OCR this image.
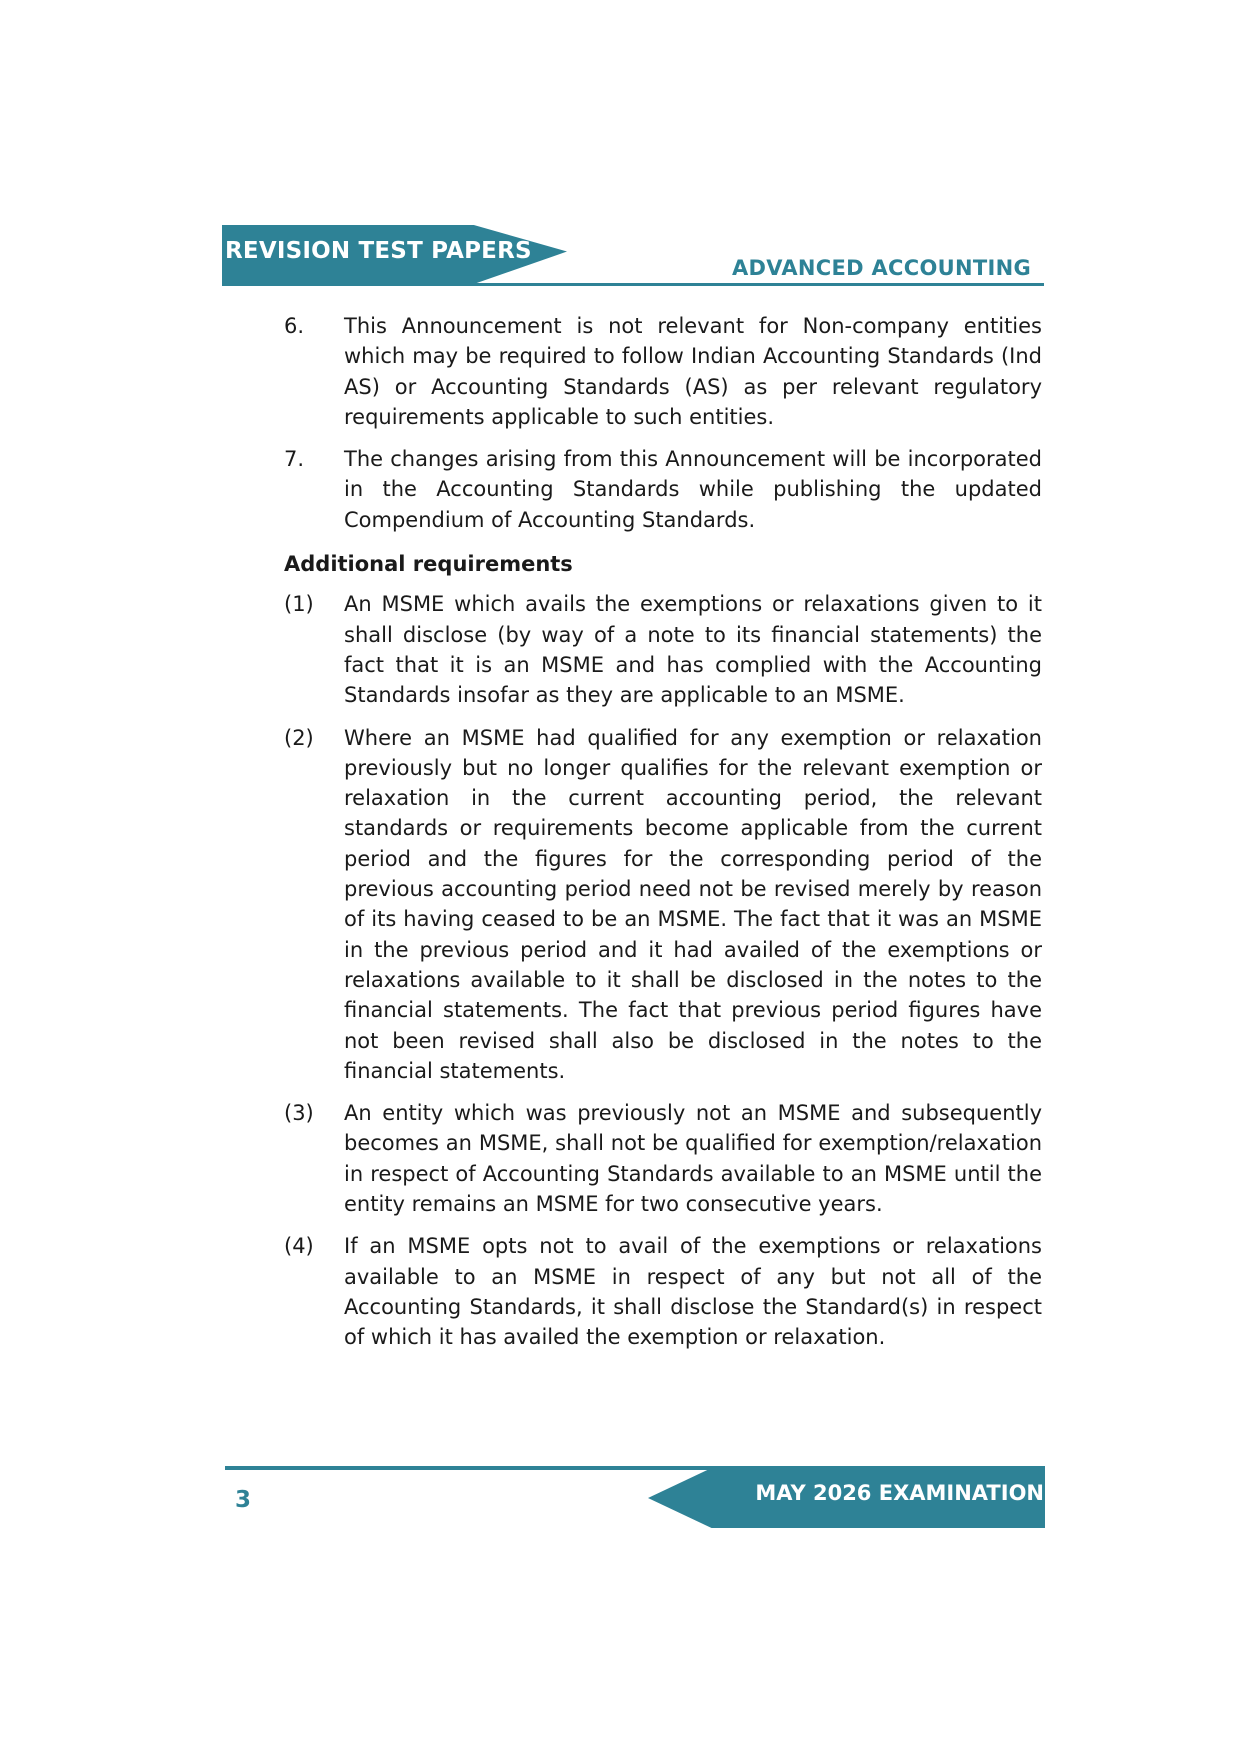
REVISION TEST PAPERS
ADVANCED ACCOUNTING
6.	This Announcement is not relevant for Non-company entities which may be required to follow Indian Accounting Standards (Ind AS) or Accounting Standards (AS) as per relevant regulatory requirements applicable to such entities.
7.	The changes arising from this Announcement will be incorporated in the Accounting Standards while publishing the updated Compendium of Accounting Standards.
Additional requirements
(1)	An MSME which avails the exemptions or relaxations given to it shall disclose (by way of a note to its financial statements) the fact that it is an MSME and has complied with the Accounting Standards insofar as they are applicable to an MSME.
(2)	Where an MSME had qualified for any exemption or relaxation previously but no longer qualifies for the relevant exemption or relaxation in the current accounting period, the relevant standards or requirements become applicable from the current period and the figures for the corresponding period of the previous accounting period need not be revised merely by reason of its having ceased to be an MSME. The fact that it was an MSME in the previous period and it had availed of the exemptions or relaxations available to it shall be disclosed in the notes to the financial statements. The fact that previous period figures have not been revised shall also be disclosed in the notes to the financial statements.
(3)	An entity which was previously not an MSME and subsequently becomes an MSME, shall not be qualified for exemption/relaxation in respect of Accounting Standards available to an MSME until the entity remains an MSME for two consecutive years.
(4)	If an MSME opts not to avail of the exemptions or relaxations available to an MSME in respect of any but not all of the Accounting Standards, it shall disclose the Standard(s) in respect of which it has availed the exemption or relaxation.
MAY 2026 EXAMINATION
3
